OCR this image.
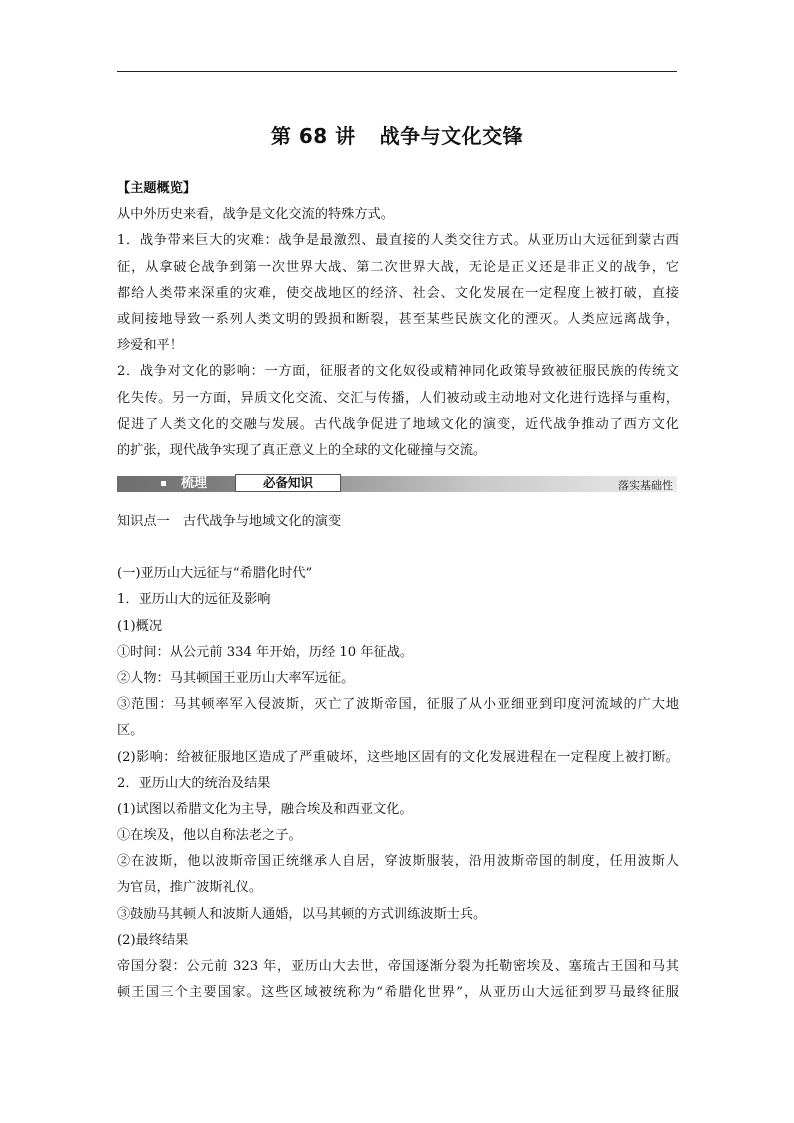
第 68 讲 战争与文化交锋
【主题概览】
从中外历史来看，战争是文化交流的特殊方式。
1．战争带来巨大的灾难：战争是最激烈、最直接的人类交往方式。从亚历山大远征到蒙古西
征，从拿破仑战争到第一次世界大战、第二次世界大战，无论是正义还是非正义的战争，它
都给人类带来深重的灾难，使交战地区的经济、社会、文化发展在一定程度上被打破，直接
或间接地导致一系列人类文明的毁损和断裂，甚至某些民族文化的湮灭。人类应远离战争，
珍爱和平！
2．战争对文化的影响：一方面，征服者的文化奴役或精神同化政策导致被征服民族的传统文
化失传。另一方面，异质文化交流、交汇与传播，人们被动或主动地对文化进行选择与重构，
促进了人类文化的交融与发展。古代战争促进了地域文化的演变，近代战争推动了西方文化
的扩张，现代战争实现了真正意义上的全球的文化碰撞与交流。
梳理	必备知识	落实基础性
知识点一　古代战争与地域文化的演变
(一)亚历山大远征与“希腊化时代”
1．亚历山大的远征及影响
(1)概况
①时间：从公元前 334 年开始，历经 10 年征战。
②人物：马其顿国王亚历山大率军远征。
③范围：马其顿率军入侵波斯，灭亡了波斯帝国，征服了从小亚细亚到印度河流域的广大地
区。
(2)影响：给被征服地区造成了严重破坏，这些地区固有的文化发展进程在一定程度上被打断。
2．亚历山大的统治及结果
(1)试图以希腊文化为主导，融合埃及和西亚文化。
①在埃及，他以自称法老之子。
②在波斯，他以波斯帝国正统继承人自居，穿波斯服装，沿用波斯帝国的制度，任用波斯人
为官员，推广波斯礼仪。
③鼓励马其顿人和波斯人通婚，以马其顿的方式训练波斯士兵。
(2)最终结果
帝国分裂：公元前 323 年，亚历山大去世，帝国逐渐分裂为托勒密埃及、塞琉古王国和马其
顿王国三个主要国家。这些区域被统称为“希腊化世界”，从亚历山大远征到罗马最终征服
